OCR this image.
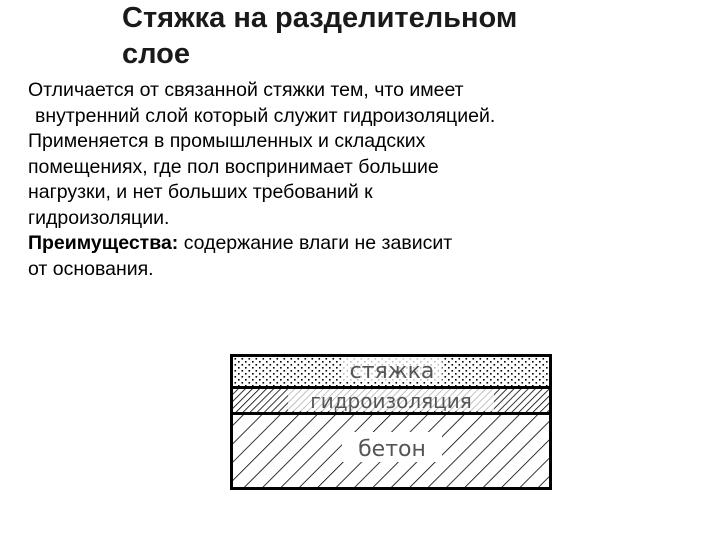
Стяжка на разделительном
слое
Отличается от связанной стяжки тем, что имеет
внутренний слой который служит гидроизоляцией.
Применяется в промышленных и складских
помещениях, где пол воспринимает большие
нагрузки, и нет больших требований к
гидроизоляции.
Преимущества: содержание влаги не зависит
от основания.
стяжка
гидроизоляция
бетон
